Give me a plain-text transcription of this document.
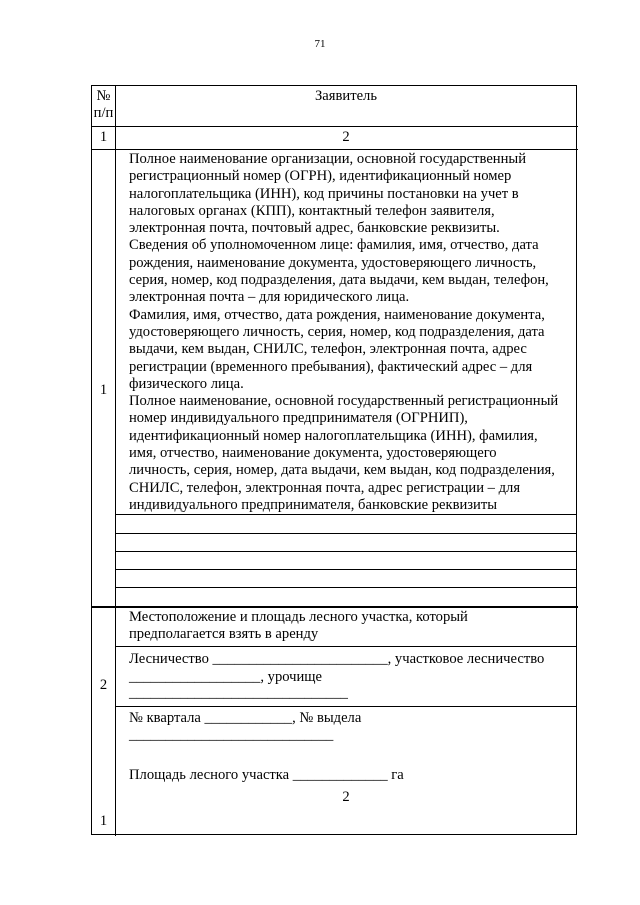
71
№
п/п
Заявитель
1	2
1
Полное наименование организации, основной государственный
регистрационный номер (ОГРН), идентификационный номер
налогоплательщика (ИНН), код причины постановки на учет в
налоговых органах (КПП), контактный телефон заявителя,
электронная почта, почтовый адрес, банковские реквизиты.
Сведения об уполномоченном лице: фамилия, имя, отчество, дата
рождения, наименование документа, удостоверяющего личность,
серия, номер, код подразделения, дата выдачи, кем выдан, телефон,
электронная почта – для юридического лица.
Фамилия, имя, отчество, дата рождения, наименование документа,
удостоверяющего личность, серия, номер, код подразделения, дата
выдачи, кем выдан, СНИЛС, телефон, электронная почта, адрес
регистрации (временного пребывания), фактический адрес – для
физического лица.
Полное наименование, основной государственный регистрационный
номер индивидуального предпринимателя (ОГРНИП),
идентификационный номер налогоплательщика (ИНН), фамилия,
имя, отчество, наименование документа, удостоверяющего
личность, серия, номер, дата выдачи, кем выдан, код подразделения,
СНИЛС, телефон, электронная почта, адрес регистрации – для
индивидуального предпринимателя, банковские реквизиты
2
1
Местоположение и площадь лесного участка, который
предполагается взять в аренду
Лесничество ________________________, участковое лесничество
__________________, урочище
______________________________
№ квартала ____________, № выдела
____________________________
Площадь лесного участка _____________ га
2
